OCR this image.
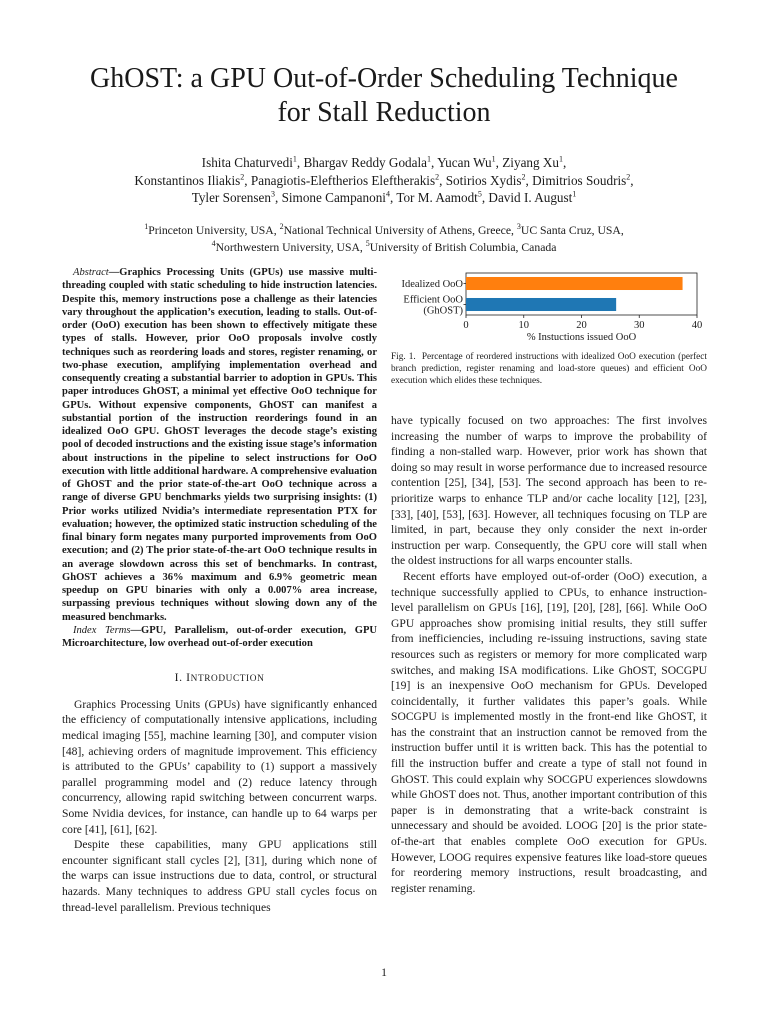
GhOST: a GPU Out-of-Order Scheduling Technique
for Stall Reduction
Ishita Chaturvedi$^1$, Bhargav Reddy Godala$^1$, Yucan Wu$^1$, Ziyang Xu$^1$,
Konstantinos Iliakis$^2$, Panagiotis-Eleftherios Eleftherakis$^2$, Sotirios Xydis$^2$, Dimitrios Soudris$^2$,
Tyler Sorensen$^3$, Simone Campanoni$^4$, Tor M. Aamodt$^5$, David I. August$^1$
$^1$Princeton University, USA, $^2$National Technical University of Athens, Greece, $^3$UC Santa Cruz, USA,
$^4$Northwestern University, USA, $^5$University of British Columbia, Canada

Abstract—Graphics Processing Units (GPUs) use massive multi-threading coupled with static scheduling to hide instruction latencies. Despite this, memory instructions pose a challenge as their latencies vary throughout the application’s execution, leading to stalls. Out-of-order (OoO) execution has been shown to effectively mitigate these types of stalls. However, prior OoO proposals involve costly techniques such as reordering loads and stores, register renaming, or two-phase execution, amplifying implementation overhead and consequently creating a substantial barrier to adoption in GPUs. This paper introduces GhOST, a minimal yet effective OoO technique for GPUs. Without expensive components, GhOST can manifest a substantial portion of the instruction reorderings found in an idealized OoO GPU. GhOST leverages the decode stage’s existing pool of decoded instructions and the existing issue stage’s information about instructions in the pipeline to select instructions for OoO execution with little additional hardware. A comprehensive evaluation of GhOST and the prior state-of-the-art OoO technique across a range of diverse GPU benchmarks yields two surprising insights: (1) Prior works utilized Nvidia’s intermediate representation PTX for evaluation; however, the optimized static instruction scheduling of the final binary form negates many purported improvements from OoO execution; and (2) The prior state-of-the-art OoO technique results in an average slowdown across this set of benchmarks. In contrast, GhOST achieves a 36% maximum and 6.9% geometric mean speedup on GPU binaries with only a 0.007% area increase, surpassing previous techniques without slowing down any of the measured benchmarks.

Index Terms—GPU, Parallelism, out-of-order execution, GPU Microarchitecture, low overhead out-of-order execution

I. INTRODUCTION

Graphics Processing Units (GPUs) have significantly enhanced the efficiency of computationally intensive applications, including medical imaging [55], machine learning [30], and computer vision [48], achieving orders of magnitude improvement. This efficiency is attributed to the GPUs’ capability to (1) support a massively parallel programming model and (2) reduce latency through concurrency, allowing rapid switching between concurrent warps. Some Nvidia devices, for instance, can handle up to 64 warps per core [41], [61], [62].

Despite these capabilities, many GPU applications still encounter significant stall cycles [2], [31], during which none of the warps can issue instructions due to data, control, or structural hazards. Many techniques to address GPU stall cycles focus on thread-level parallelism. Previous techniques

Idealized OoO
Efficient OoO
(GhOST)
0	10	20	30	40
% Instuctions issued OoO
Fig. 1. Percentage of reordered instructions with idealized OoO execution (perfect branch prediction, register renaming and load-store queues) and efficient OoO execution which elides these techniques.

have typically focused on two approaches: The first involves increasing the number of warps to improve the probability of finding a non-stalled warp. However, prior work has shown that doing so may result in worse performance due to increased resource contention [25], [34], [53]. The second approach has been to re-prioritize warps to enhance TLP and/or cache locality [12], [23], [33], [40], [53], [63]. However, all techniques focusing on TLP are limited, in part, because they only consider the next in-order instruction per warp. Consequently, the GPU core will stall when the oldest instructions for all warps encounter stalls.

Recent efforts have employed out-of-order (OoO) execution, a technique successfully applied to CPUs, to enhance instruction-level parallelism on GPUs [16], [19], [20], [28], [66]. While OoO GPU approaches show promising initial results, they still suffer from inefficiencies, including re-issuing instructions, saving state resources such as registers or memory for more complicated warp switches, and making ISA modifications. Like GhOST, SOCGPU [19] is an inexpensive OoO mechanism for GPUs. Developed coincidentally, it further validates this paper’s goals. While SOCGPU is implemented mostly in the front-end like GhOST, it has the constraint that an instruction cannot be removed from the instruction buffer until it is written back. This has the potential to fill the instruction buffer and create a type of stall not found in GhOST. This could explain why SOCGPU experiences slowdowns while GhOST does not. Thus, another important contribution of this paper is in demonstrating that a write-back constraint is unnecessary and should be avoided. LOOG [20] is the prior state-of-the-art that enables complete OoO execution for GPUs. However, LOOG requires expensive features like load-store queues for reordering memory instructions, result broadcasting, and register renaming.

1
